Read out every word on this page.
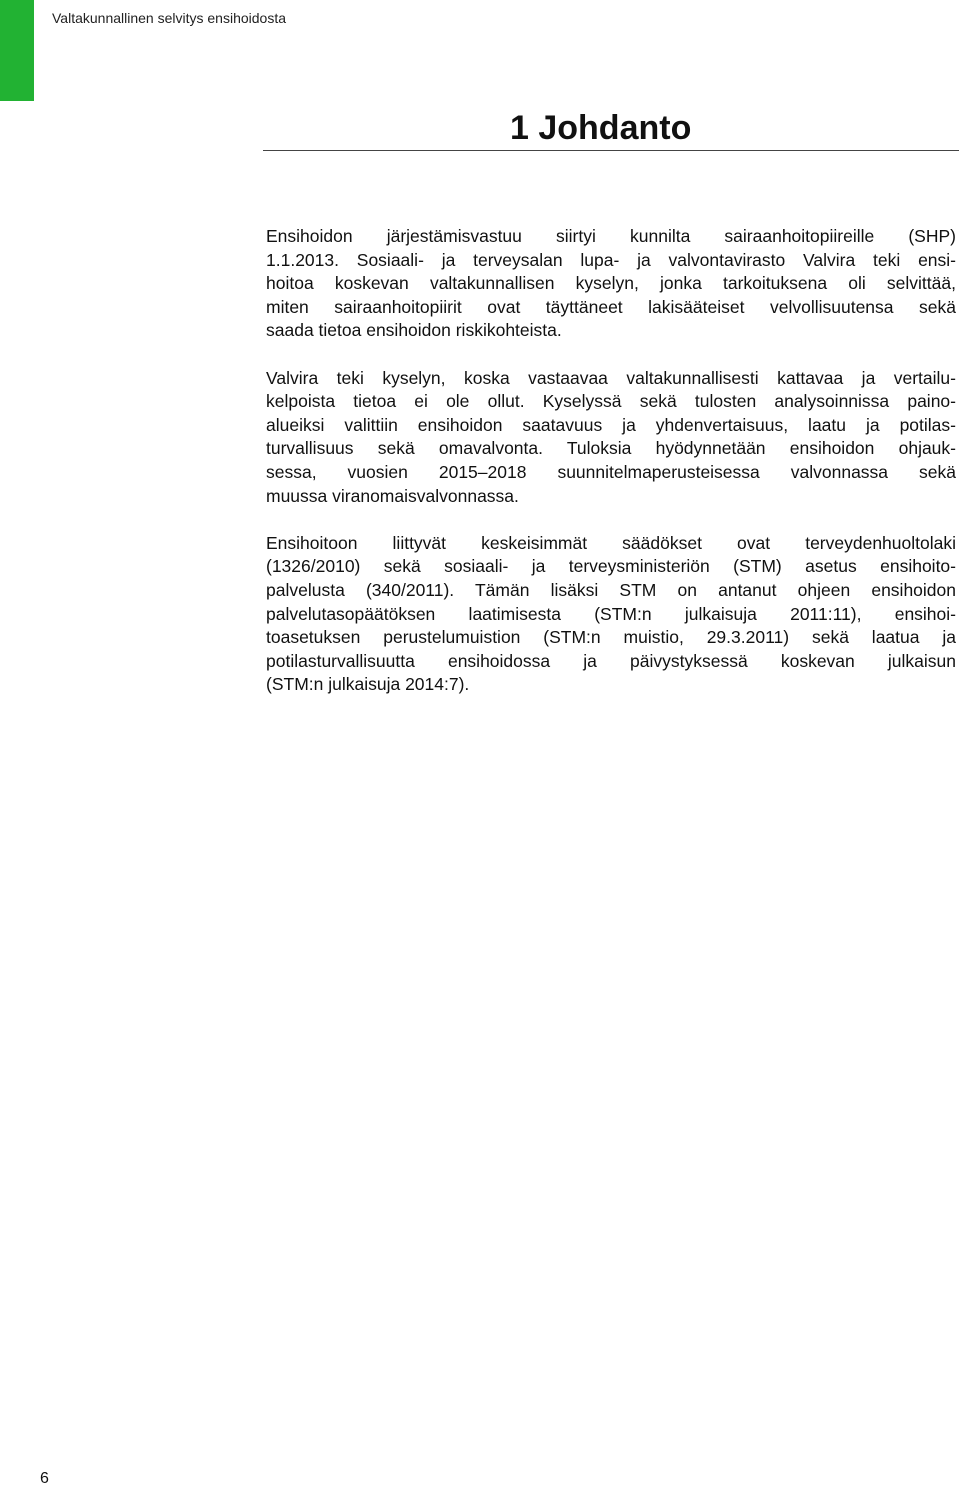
Valtakunnallinen selvitys ensihoidosta
1 Johdanto

Ensihoidon järjestämisvastuu siirtyi kunnilta sairaanhoitopiireille (SHP)
1.1.2013. Sosiaali- ja terveysalan lupa- ja valvontavirasto Valvira teki ensi-
hoitoa koskevan valtakunnallisen kyselyn, jonka tarkoituksena oli selvittää,
miten sairaanhoitopiirit ovat täyttäneet lakisääteiset velvollisuutensa sekä
saada tietoa ensihoidon riskikohteista.

Valvira teki kyselyn, koska vastaavaa valtakunnallisesti kattavaa ja vertailu-
kelpoista tietoa ei ole ollut. Kyselyssä sekä tulosten analysoinnissa paino-
alueiksi valittiin ensihoidon saatavuus ja yhdenvertaisuus, laatu ja potilas-
turvallisuus sekä omavalvonta. Tuloksia hyödynnetään ensihoidon ohjauk-
sessa, vuosien 2015–2018 suunnitelmaperusteisessa valvonnassa sekä
muussa viranomaisvalvonnassa.

Ensihoitoon liittyvät keskeisimmät säädökset ovat terveydenhuoltolaki
(1326/2010) sekä sosiaali- ja terveysministeriön (STM) asetus ensihoito-
palvelusta (340/2011). Tämän lisäksi STM on antanut ohjeen ensihoidon
palvelutasopäätöksen laatimisesta (STM:n julkaisuja 2011:11), ensihoi-
toasetuksen perustelumuistion (STM:n muistio, 29.3.2011) sekä laatua ja
potilasturvallisuutta ensihoidossa ja päivystyksessä koskevan julkaisun
(STM:n julkaisuja 2014:7).

6
